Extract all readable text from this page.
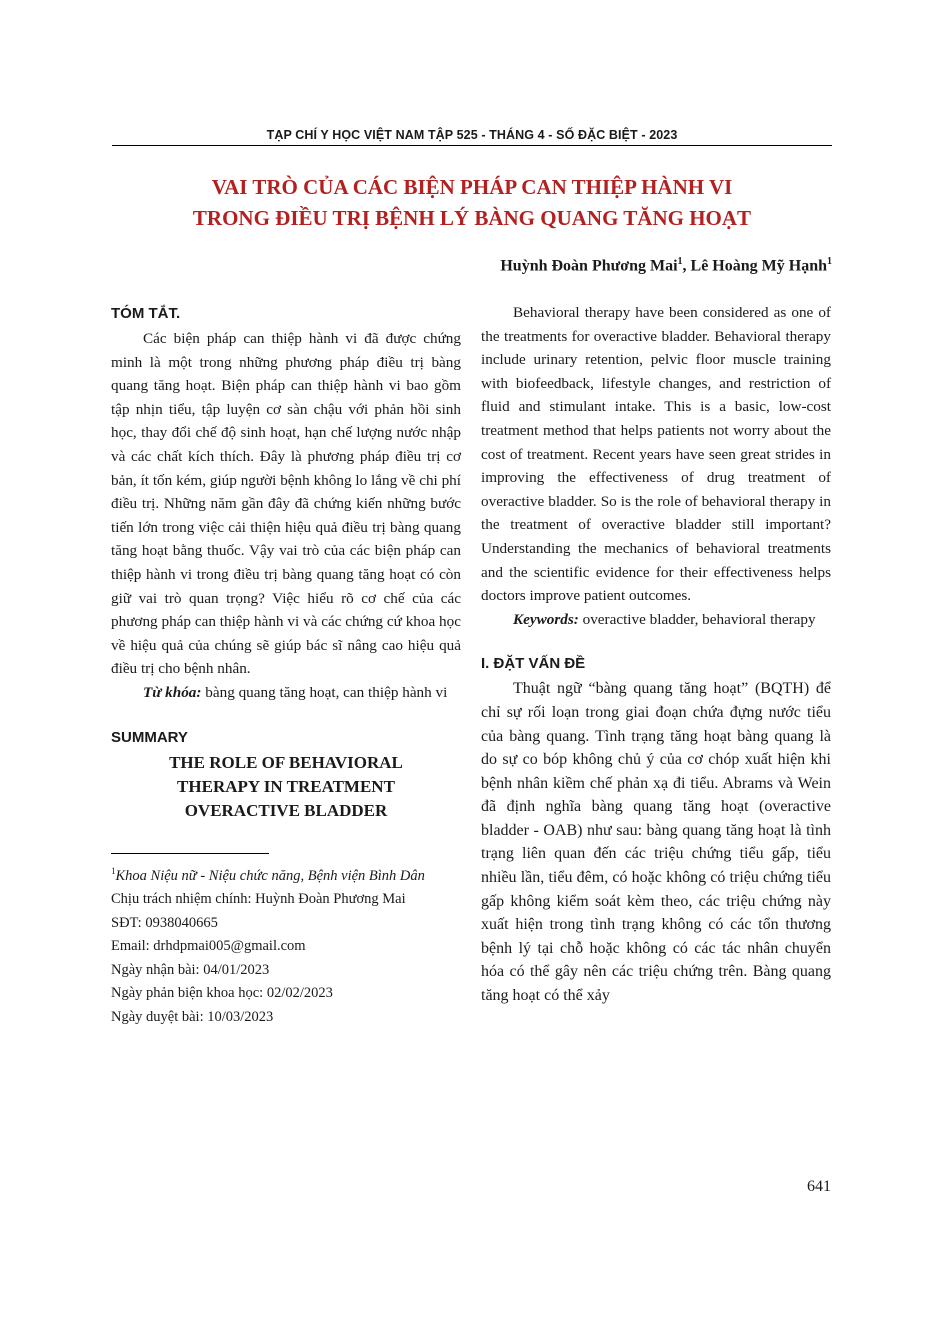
TẠP CHÍ Y HỌC VIỆT NAM TẬP 525 - THÁNG 4 - SỐ ĐẶC BIỆT - 2023
VAI TRÒ CỦA CÁC BIỆN PHÁP CAN THIỆP HÀNH VI
TRONG ĐIỀU TRỊ BỆNH LÝ BÀNG QUANG TĂNG HOẠT
Huỳnh Đoàn Phương Mai$^1$, Lê Hoàng Mỹ Hạnh$^1$

TÓM TẮT.

Các biện pháp can thiệp hành vi đã được chứng minh là một trong những phương pháp điều trị bàng quang tăng hoạt. Biện pháp can thiệp hành vi bao gồm tập nhịn tiểu, tập luyện cơ sàn chậu với phản hồi sinh học, thay đổi chế độ sinh hoạt, hạn chế lượng nước nhập và các chất kích thích. Đây là phương pháp điều trị cơ bản, ít tốn kém, giúp người bệnh không lo lắng về chi phí điều trị. Những năm gần đây đã chứng kiến những bước tiến lớn trong việc cải thiện hiệu quả điều trị bàng quang tăng hoạt bằng thuốc. Vậy vai trò của các biện pháp can thiệp hành vi trong điều trị bàng quang tăng hoạt có còn giữ vai trò quan trọng? Việc hiểu rõ cơ chế của các phương pháp can thiệp hành vi và các chứng cứ khoa học về hiệu quả của chúng sẽ giúp bác sĩ nâng cao hiệu quả điều trị cho bệnh nhân.

Từ khóa: bàng quang tăng hoạt, can thiệp hành vi

SUMMARY

THE ROLE OF BEHAVIORAL
THERAPY IN TREATMENT
OVERACTIVE BLADDER

$^1$Khoa Niệu nữ - Niệu chức năng, Bệnh viện Bình Dân

Chịu trách nhiệm chính: Huỳnh Đoàn Phương Mai

SĐT: 0938040665

Email: drhdpmai005@gmail.com

Ngày nhận bài: 04/01/2023

Ngày phản biện khoa học: 02/02/2023

Ngày duyệt bài: 10/03/2023

Behavioral therapy have been considered as one of the treatments for overactive bladder. Behavioral therapy include urinary retention, pelvic floor muscle training with biofeedback, lifestyle changes, and restriction of fluid and stimulant intake. This is a basic, low-cost treatment method that helps patients not worry about the cost of treatment. Recent years have seen great strides in improving the effectiveness of drug treatment of overactive bladder. So is the role of behavioral therapy in the treatment of overactive bladder still important? Understanding the mechanics of behavioral treatments and the scientific evidence for their effectiveness helps doctors improve patient outcomes.

Keywords: overactive bladder, behavioral therapy

I. ĐẶT VẤN ĐỀ

Thuật ngữ “bàng quang tăng hoạt” (BQTH) để chỉ sự rối loạn trong giai đoạn chứa đựng nước tiểu của bàng quang. Tình trạng tăng hoạt bàng quang là do sự co bóp không chủ ý của cơ chóp xuất hiện khi bệnh nhân kiềm chế phản xạ đi tiểu. Abrams và Wein đã định nghĩa bàng quang tăng hoạt (overactive bladder - OAB) như sau: bàng quang tăng hoạt là tình trạng liên quan đến các triệu chứng tiểu gấp, tiểu nhiều lần, tiểu đêm, có hoặc không có triệu chứng tiểu gấp không kiểm soát kèm theo, các triệu chứng này xuất hiện trong tình trạng không có các tổn thương bệnh lý tại chỗ hoặc không có các tác nhân chuyển hóa có thể gây nên các triệu chứng trên. Bàng quang tăng hoạt có thể xảy

641
